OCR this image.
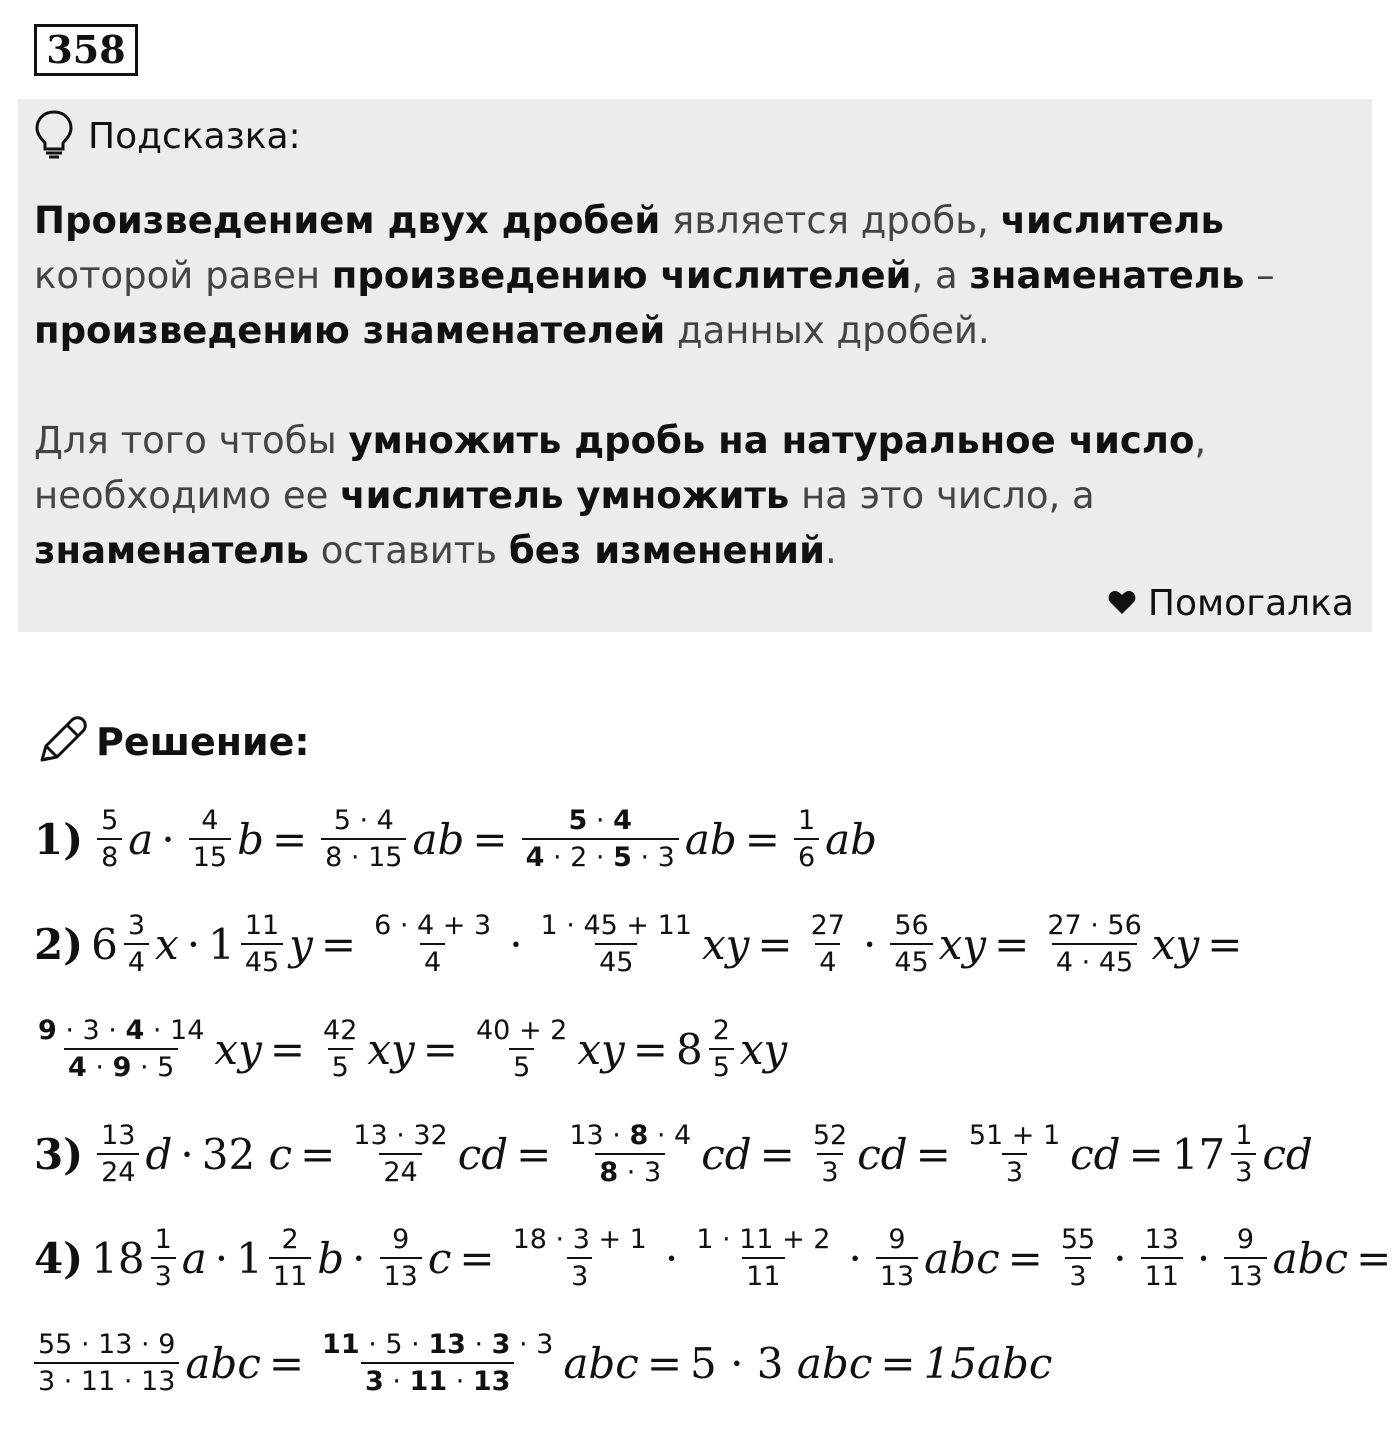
358
Подсказка:
Произведением двух дробей является дробь, числитель которой равен произведению числителей, а знаменатель – произведению знаменателей данных дробей.
Для того чтобы умножить дробь на натуральное число, необходимо ее числитель умножить на это число, а знаменатель оставить без изменений.
Помогалка
Решение:
$1) \frac{5}{8}$ $a \cdot \frac{4}{15}$ $b = \frac{5 \cdot 4}{8 \cdot 15}$ ab = $\frac{5 \cdot 4}{4 \cdot 2 \cdot 5 \cdot 3}$ ab = $\frac{1}{6}$ ab
2) $6 \frac{3}{4}$ $x \cdot 1 \frac{11}{45}$ $y = \frac{6 \cdot 4 + 3}{4} \cdot \frac{1 \cdot 45 + 11}{45}$ xy = $\frac{27}{4} \cdot \frac{56}{45}$ xy = $\frac{27 \cdot 56}{4 \cdot 45}$ xy =
$\frac{9 \cdot 3 \cdot 4 \cdot 14}{4 \cdot 9 \cdot 5}$ xy = $\frac{42}{5}$ xy = $\frac{40 + 2}{5}$ xy = $8 \frac{2}{5}$ xy
$3) \frac{13}{24}$ d · 32
$c = \frac{13 \cdot 32}{24}$ cd = $\frac{13 \cdot 8 \cdot 4}{8 \cdot 3}$ cd = $\frac{52}{3}$ cd = $\frac{51 + 1}{3}$ cd = $17 \frac{1}{3}$ cd
4) $18 \frac{1}{3}$ $a \cdot 1 \frac{2}{11}$ $b \cdot \frac{9}{13}$ $c = \frac{18 \cdot 3 + 1}{3} \cdot \frac{1 \cdot 11 + 2}{11} \cdot \frac{9}{13}$ abc = $\frac{55}{3} \cdot \frac{13}{11} \cdot \frac{9}{13}$ abc =
$\frac{55 \cdot 13 \cdot 9}{3 \cdot 11 \cdot 13}$ abc = $\frac{11 \cdot 5 \cdot 13 \cdot 3 \cdot 3}{3 \cdot 11 \cdot 13}$ abc = 5 · 3
abc = 15abc
